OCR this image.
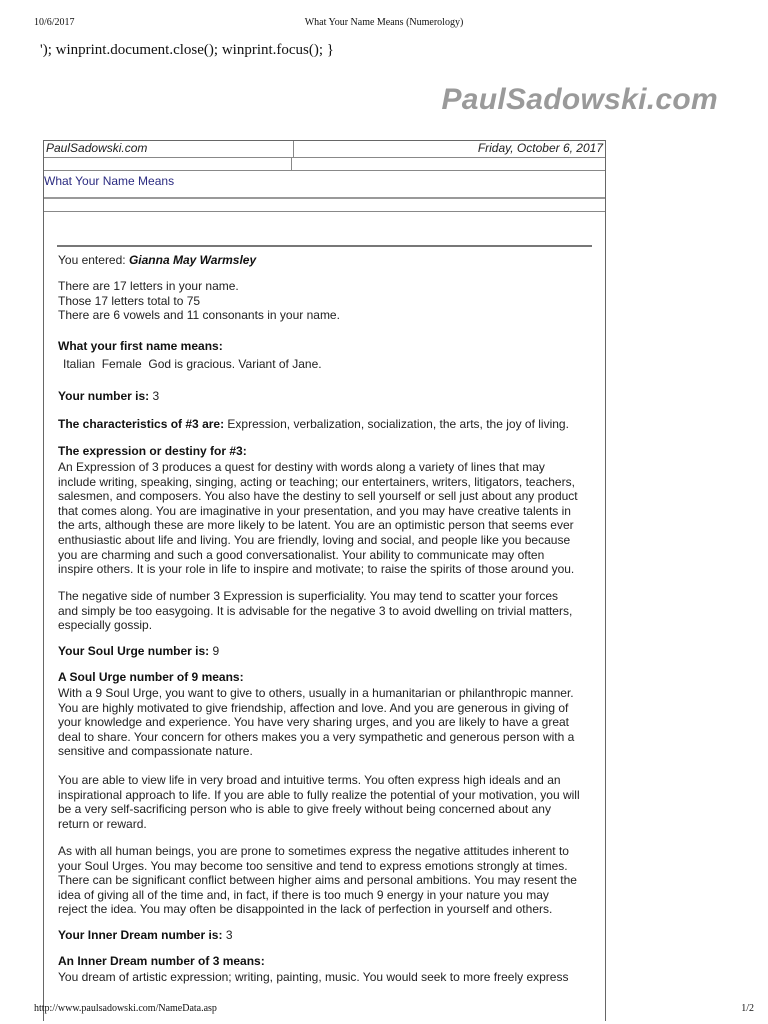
10/6/2017	What Your Name Means (Numerology)
'); winprint.document.close(); winprint.focus(); }
PaulSadowski.com
PaulSadowski.com	Friday, October 6, 2017
What Your Name Means
You entered: Gianna May Warmsley
There are 17 letters in your name.
Those 17 letters total to 75
There are 6 vowels and 11 consonants in your name.
What your first name means:
Italian  Female  God is gracious. Variant of Jane.
Your number is: 3
The characteristics of #3 are: Expression, verbalization, socialization, the arts, the joy of living.
The expression or destiny for #3:
An Expression of 3 produces a quest for destiny with words along a variety of lines that may
include writing, speaking, singing, acting or teaching; our entertainers, writers, litigators, teachers,
salesmen, and composers. You also have the destiny to sell yourself or sell just about any product
that comes along. You are imaginative in your presentation, and you may have creative talents in
the arts, although these are more likely to be latent. You are an optimistic person that seems ever
enthusiastic about life and living. You are friendly, loving and social, and people like you because
you are charming and such a good conversationalist. Your ability to communicate may often
inspire others. It is your role in life to inspire and motivate; to raise the spirits of those around you.
The negative side of number 3 Expression is superficiality. You may tend to scatter your forces
and simply be too easygoing. It is advisable for the negative 3 to avoid dwelling on trivial matters,
especially gossip.
Your Soul Urge number is: 9
A Soul Urge number of 9 means:
With a 9 Soul Urge, you want to give to others, usually in a humanitarian or philanthropic manner.
You are highly motivated to give friendship, affection and love. And you are generous in giving of
your knowledge and experience. You have very sharing urges, and you are likely to have a great
deal to share. Your concern for others makes you a very sympathetic and generous person with a
sensitive and compassionate nature.
You are able to view life in very broad and intuitive terms. You often express high ideals and an
inspirational approach to life. If you are able to fully realize the potential of your motivation, you will
be a very self-sacrificing person who is able to give freely without being concerned about any
return or reward.
As with all human beings, you are prone to sometimes express the negative attitudes inherent to
your Soul Urges. You may become too sensitive and tend to express emotions strongly at times.
There can be significant conflict between higher aims and personal ambitions. You may resent the
idea of giving all of the time and, in fact, if there is too much 9 energy in your nature you may
reject the idea. You may often be disappointed in the lack of perfection in yourself and others.
Your Inner Dream number is: 3
An Inner Dream number of 3 means:
You dream of artistic expression; writing, painting, music. You would seek to more freely express
http://www.paulsadowski.com/NameData.asp	1/2
